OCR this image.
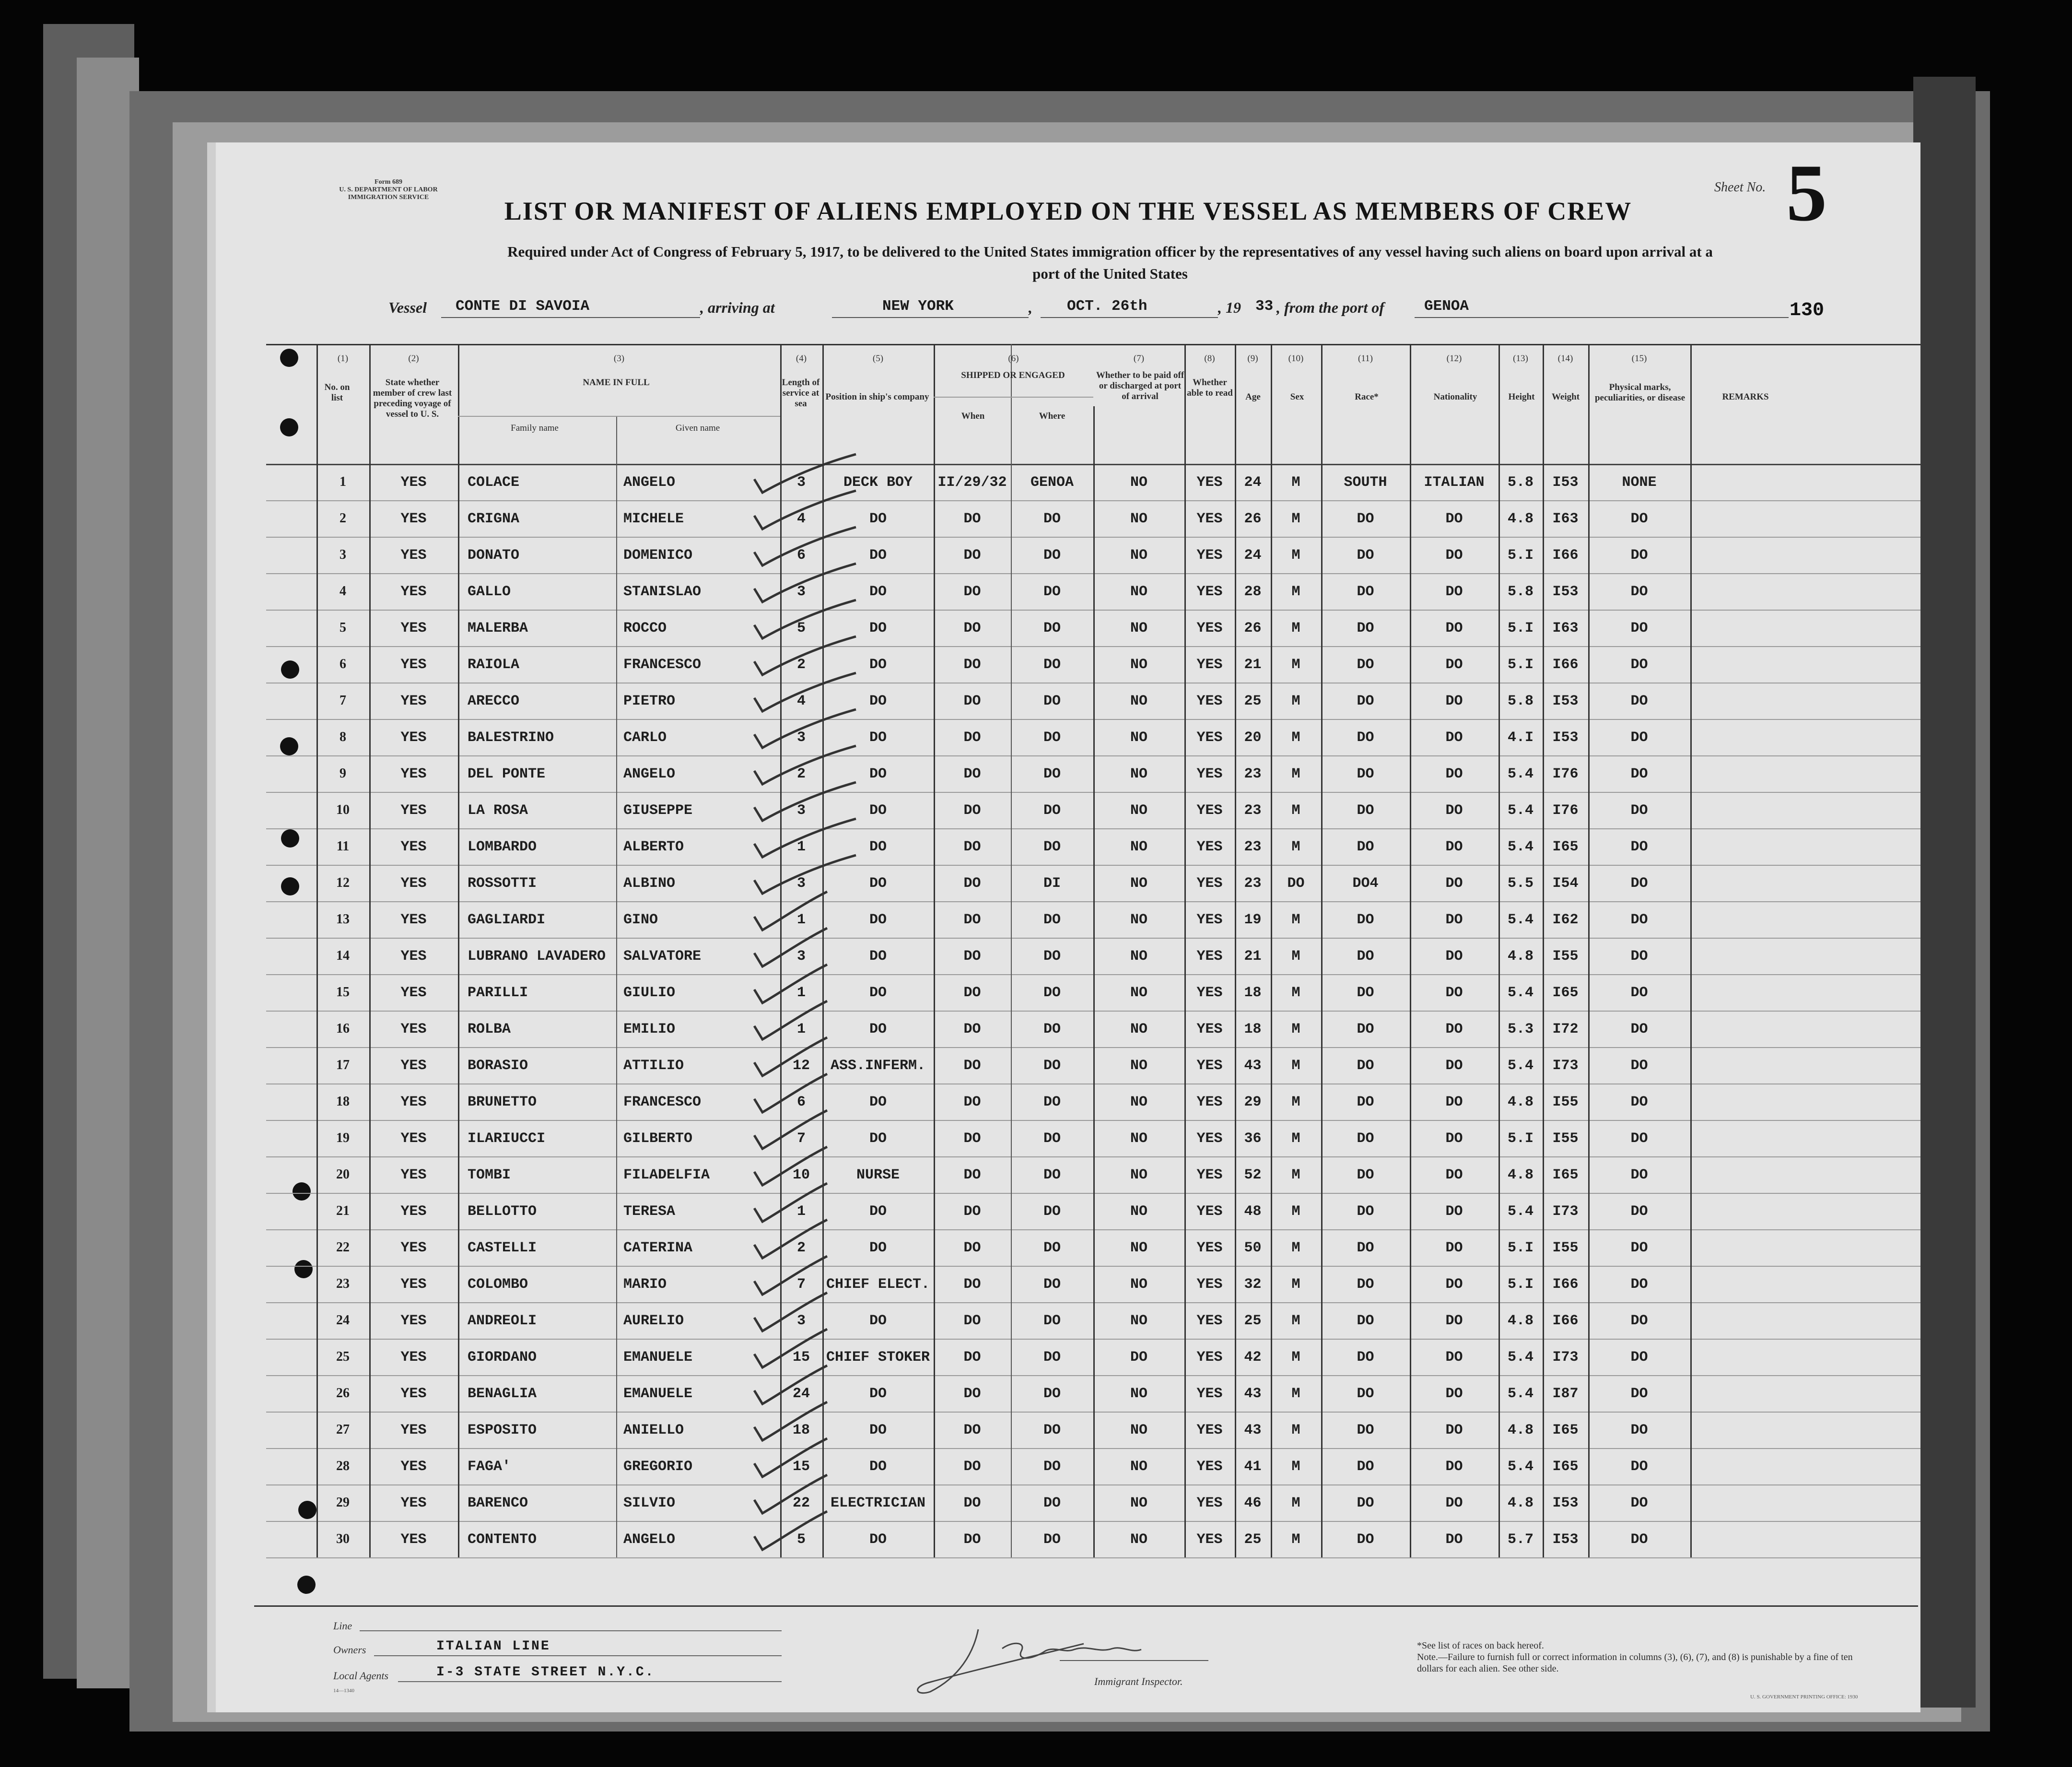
Form 689
U. S. DEPARTMENT OF LABOR
IMMIGRATION SERVICE	LIST OR MANIFEST OF ALIENS EMPLOYED ON THE VESSEL AS MEMBERS OF CREW
Sheet No. 5
Required under Act of Congress of February 5, 1917, to be delivered to the United States immigration officer by the representatives of any vessel having such aliens on board upon arrival at a
port of the United States
Vessel CONTE DI SAVOIA	, arriving at	NEW YORK	, OCT. 26th	, 19 33 , from the port of	GENOA	130
No. on list
State whether member of crew last preceding voyage of vessel to U. S.
NAME IN FULL
Family name	Given name
Length of service at sea
Position in ship's company
SHIPPED OR ENGAGED
When	Where
Whether to be paid off or discharged at port of arrival
Whether able to read	Age	Sex	Race*	Nationality	Height	Weight
Physical marks, peculiarities, or disease	REMARKS
(1)	(2)	(3)	(4)	(5)	(6)	(7)	(8)	(9)	(10)	(11)	(12)	(13)	(14)	(15)
1	YES	COLACE	ANGELO	3	DECK BOY	II/29/32	GENOA	NO	YES	24	M	SOUTH	ITALIAN	5.8	I53	NONE
2	YES	CRIGNA	MICHELE	4	DO	DO	DO	NO	YES	26	M	DO	DO	4.8	I63	DO
3	YES	DONATO	DOMENICO	6	DO	DO	DO	NO	YES	24	M	DO	DO	5.I	I66	DO
4	YES	GALLO	STANISLAO	3	DO	DO	DO	NO	YES	28	M	DO	DO	5.8	I53	DO
5	YES	MALERBA	ROCCO	5	DO	DO	DO	NO	YES	26	M	DO	DO	5.I	I63	DO
6	YES	RAIOLA	FRANCESCO	2	DO	DO	DO	NO	YES	21	M	DO	DO	5.I	I66	DO
7	YES	ARECCO	PIETRO	4	DO	DO	DO	NO	YES	25	M	DO	DO	5.8	I53	DO
8	YES	BALESTRINO	CARLO	3	DO	DO	DO	NO	YES	20	M	DO	DO	4.I	I53	DO
9	YES	DEL PONTE	ANGELO	2	DO	DO	DO	NO	YES	23	M	DO	DO	5.4	I76	DO
10	YES	LA ROSA	GIUSEPPE	3	DO	DO	DO	NO	YES	23	M	DO	DO	5.4	I76	DO
11	YES	LOMBARDO	ALBERTO	1	DO	DO	DO	NO	YES	23	M	DO	DO	5.4	I65	DO
12	YES	ROSSOTTI	ALBINO	3	DO	DO	DI	NO	YES	23	DO	DO4	DO	5.5	I54	DO
13	YES	GAGLIARDI	GINO	1	DO	DO	DO	NO	YES	19	M	DO	DO	5.4	I62	DO
14	YES	LUBRANO LAVADERO	SALVATORE	3	DO	DO	DO	NO	YES	21	M	DO	DO	4.8	I55	DO
15	YES	PARILLI	GIULIO	1	DO	DO	DO	NO	YES	18	M	DO	DO	5.4	I65	DO
16	YES	ROLBA	EMILIO	1	DO	DO	DO	NO	YES	18	M	DO	DO	5.3	I72	DO
17	YES	BORASIO	ATTILIO	12	ASS.INFERM.	DO	DO	NO	YES	43	M	DO	DO	5.4	I73	DO
18	YES	BRUNETTO	FRANCESCO	6	DO	DO	DO	NO	YES	29	M	DO	DO	4.8	I55	DO
19	YES	ILARIUCCI	GILBERTO	7	DO	DO	DO	NO	YES	36	M	DO	DO	5.I	I55	DO
20	YES	TOMBI	FILADELFIA	10	NURSE	DO	DO	NO	YES	52	M	DO	DO	4.8	I65	DO
21	YES	BELLOTTO	TERESA	1	DO	DO	DO	NO	YES	48	M	DO	DO	5.4	I73	DO
22	YES	CASTELLI	CATERINA	2	DO	DO	DO	NO	YES	50	M	DO	DO	5.I	I55	DO
23	YES	COLOMBO	MARIO	7	CHIEF ELECT.	DO	DO	NO	YES	32	M	DO	DO	5.I	I66	DO
24	YES	ANDREOLI	AURELIO	3	DO	DO	DO	NO	YES	25	M	DO	DO	4.8	I66	DO
25	YES	GIORDANO	EMANUELE	15	CHIEF STOKER	DO	DO	DO	YES	42	M	DO	DO	5.4	I73	DO
26	YES	BENAGLIA	EMANUELE	24	DO	DO	DO	NO	YES	43	M	DO	DO	5.4	I87	DO
27	YES	ESPOSITO	ANIELLO	18	DO	DO	DO	NO	YES	43	M	DO	DO	4.8	I65	DO
28	YES	FAGA'	GREGORIO	15	DO	DO	DO	NO	YES	41	M	DO	DO	5.4	I65	DO
29	YES	BARENCO	SILVIO	22	ELECTRICIAN	DO	DO	NO	YES	46	M	DO	DO	4.8	I53	DO
30	YES	CONTENTO	ANGELO	5	DO	DO	DO	NO	YES	25	M	DO	DO	5.7	I53	DO
Line
Owners	ITALIAN LINE
Local Agents	I-3 STATE STREET N.Y.C.
14—1340
Immigrant Inspector.
*See list of races on back hereof.
Note.—Failure to furnish full or correct information in columns (3), (6), (7), and (8) is punishable by a fine of ten dollars for each alien. See other side.
U. S. GOVERNMENT PRINTING OFFICE: 1930
